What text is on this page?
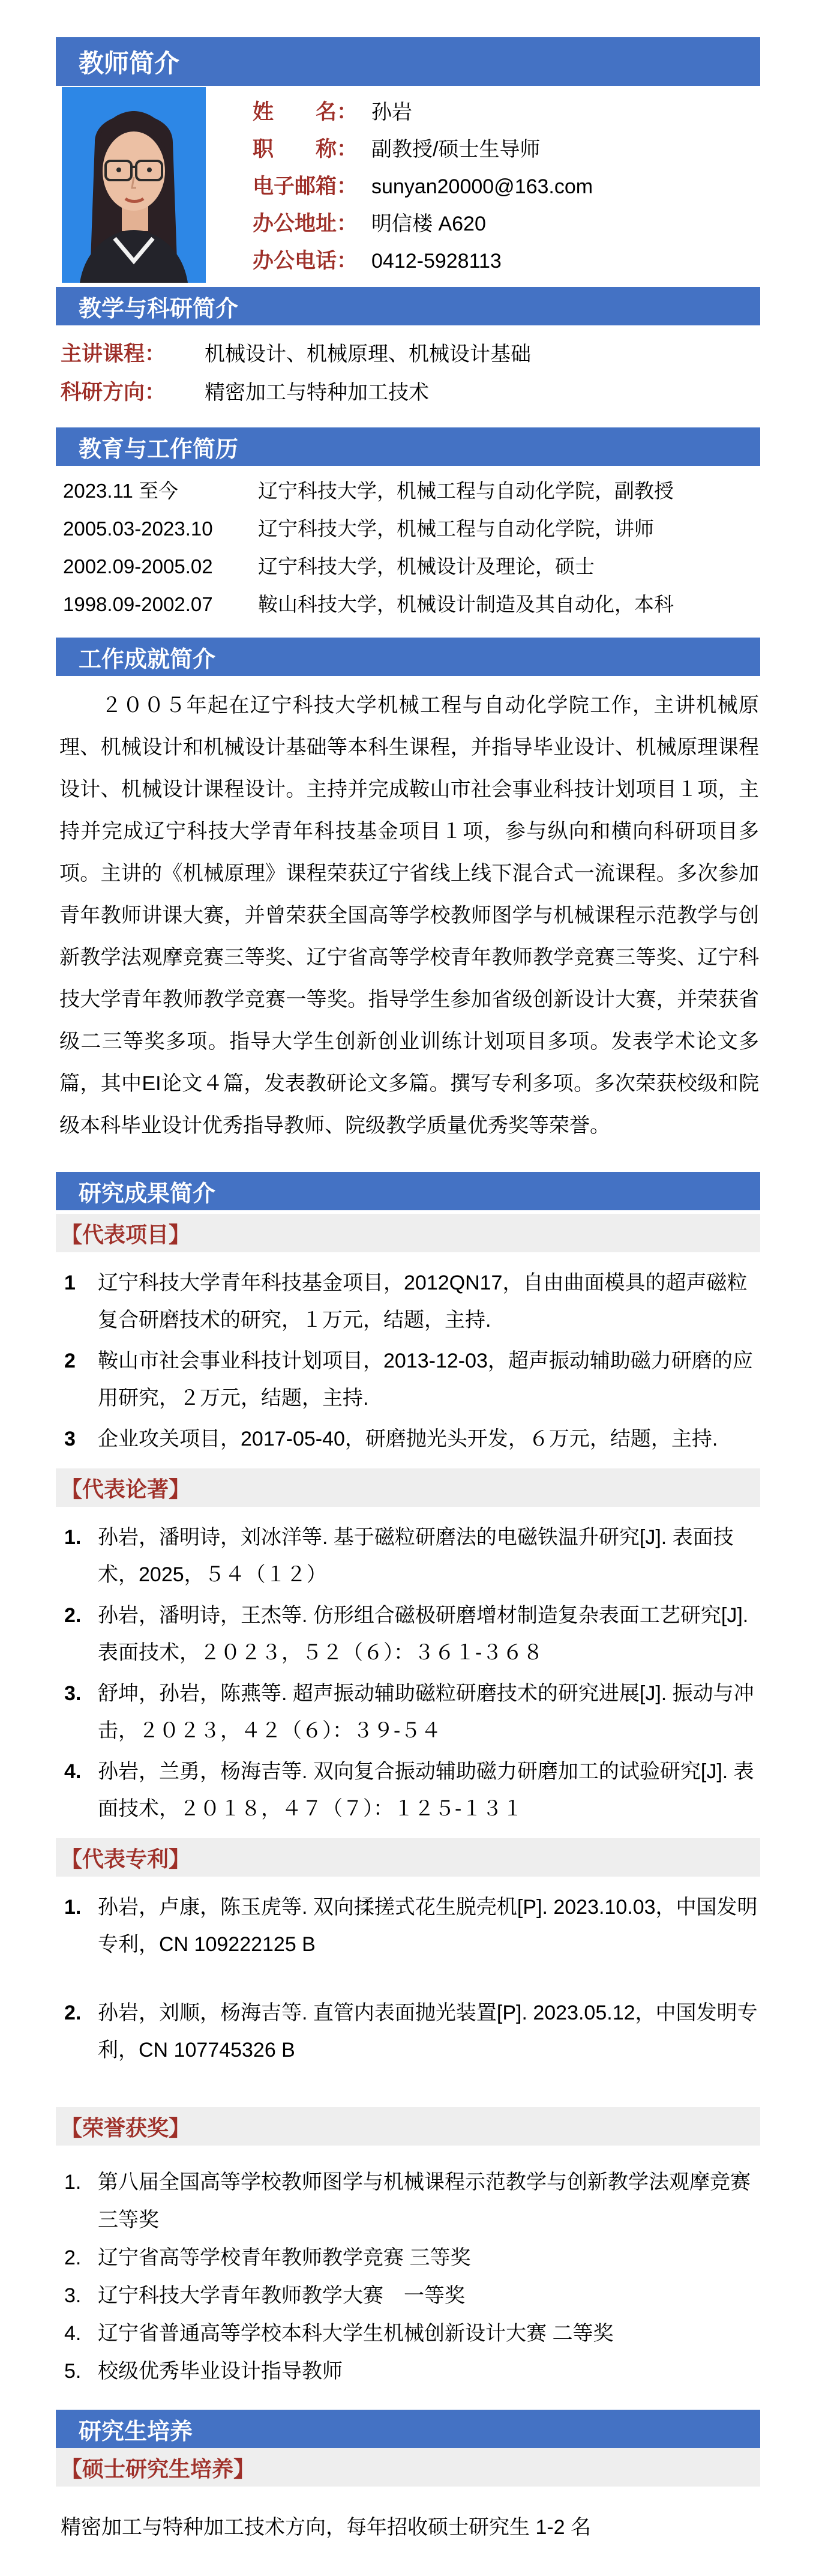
教师简介
姓　　名： 孙岩
职　　称： 副教授/硕士生导师
电子邮箱： sunyan20000@163.com
办公地址： 明信楼 A620
办公电话： 0412-5928113
教学与科研简介
主讲课程：	机械设计、机械原理、机械设计基础
科研方向：	精密加工与特种加工技术
教育与工作简历
2023.11 至今	辽宁科技大学，机械工程与自动化学院，副教授
2005.03-2023.10	辽宁科技大学，机械工程与自动化学院，讲师
2002.09-2005.02	辽宁科技大学，机械设计及理论，硕士
1998.09-2002.07	鞍山科技大学，机械设计制造及其自动化，本科
工作成就简介

２００５年起在辽宁科技大学机械工程与自动化学院工作，主讲机械原理、机械设计和机械设计基础等本科生课程，并指导毕业设计、机械原理课程设计、机械设计课程设计。主持并完成鞍山市社会事业科技计划项目１项，主持并完成辽宁科技大学青年科技基金项目１项，参与纵向和横向科研项目多项。主讲的《机械原理》课程荣获辽宁省线上线下混合式一流课程。多次参加青年教师讲课大赛，并曾荣获全国高等学校教师图学与机械课程示范教学与创新教学法观摩竞赛三等奖、辽宁省高等学校青年教师教学竞赛三等奖、辽宁科技大学青年教师教学竞赛一等奖。指导学生参加省级创新设计大赛，并荣获省级二三等奖多项。指导大学生创新创业训练计划项目多项。发表学术论文多篇，其中EI论文４篇，发表教研论文多篇。撰写专利多项。多次荣获校级和院级本科毕业设计优秀指导教师、院级教学质量优秀奖等荣誉。

研究成果简介
【代表项目】
1 辽宁科技大学青年科技基金项目，2012QN17，自由曲面模具的超声磁粒复合研磨技术的研究，１万元，结题，主持.
2 鞍山市社会事业科技计划项目，2013-12-03，超声振动辅助磁力研磨的应用研究，２万元，结题，主持.
3 企业攻关项目，2017-05-40，研磨抛光头开发，６万元，结题，主持.
【代表论著】
1. 孙岩，潘明诗，刘冰洋等. 基于磁粒研磨法的电磁铁温升研究[J]. 表面技术，2025，５４（１２）
2. 孙岩，潘明诗，王杰等. 仿形组合磁极研磨增材制造复杂表面工艺研究[J]. 表面技术，２０２３，５２（６）：３６１-３６８
3. 舒坤，孙岩，陈燕等. 超声振动辅助磁粒研磨技术的研究进展[J]. 振动与冲击，２０２３，４２（６）：３９-５４
4. 孙岩，兰勇，杨海吉等. 双向复合振动辅助磁力研磨加工的试验研究[J]. 表面技术，２０１８，４７（７）：１２５-１３１
【代表专利】
1. 孙岩，卢康，陈玉虎等. 双向揉搓式花生脱壳机[P]. 2023.10.03，中国发明专利，CN 109222125 B
2. 孙岩，刘顺，杨海吉等. 直管内表面抛光装置[P]. 2023.05.12，中国发明专利，CN 107745326 B
【荣誉获奖】
1. 第八届全国高等学校教师图学与机械课程示范教学与创新教学法观摩竞赛 三等奖
2. 辽宁省高等学校青年教师教学竞赛 三等奖
3. 辽宁科技大学青年教师教学大赛　一等奖
4. 辽宁省普通高等学校本科大学生机械创新设计大赛 二等奖
5. 校级优秀毕业设计指导教师
研究生培养
【硕士研究生培养】
精密加工与特种加工技术方向，每年招收硕士研究生 1-2 名
